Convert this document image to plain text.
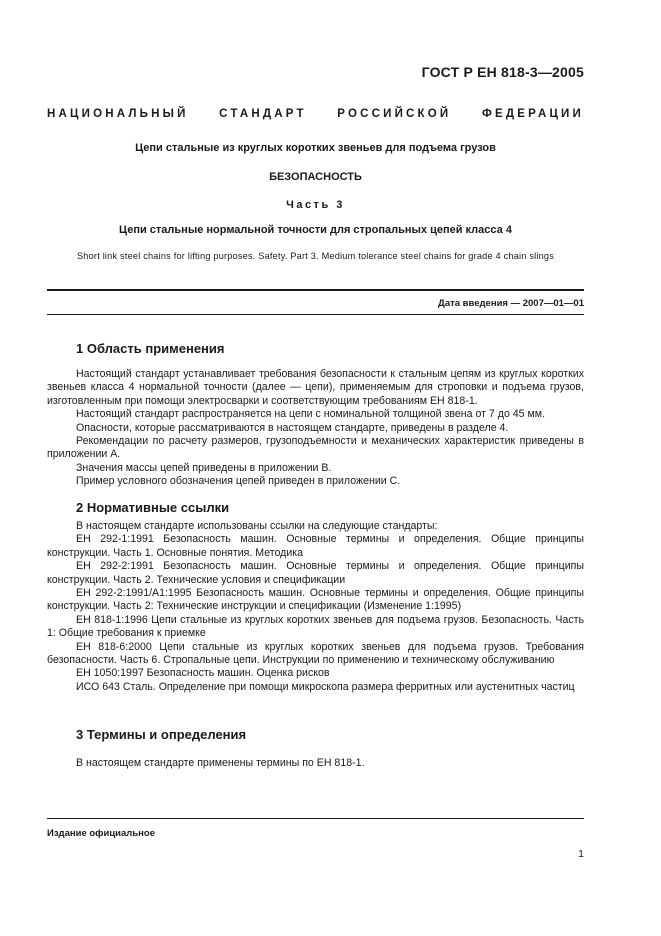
ГОСТ Р ЕН 818-3—2005
НАЦИОНАЛЬНЫЙ СТАНДАРТ РОССИЙСКОЙ ФЕДЕРАЦИИ
Цепи стальные из круглых коротких звеньев для подъема грузов
БЕЗОПАСНОСТЬ
Часть 3
Цепи стальные нормальной точности для стропальных цепей класса 4
Short link steel chains for lifting purposes. Safety. Part 3. Medium tolerance steel chains for grade 4 chain slings
Дата введения — 2007—01—01
1 Область применения

Настоящий стандарт устанавливает требования безопасности к стальным цепям из круглых коротких звеньев класса 4 нормальной точности (далее — цепи), применяемым для строповки и подъема грузов, изготовленным при помощи электросварки и соответствующим требованиям ЕН 818-1.

Настоящий стандарт распространяется на цепи с номинальной толщиной звена от 7 до 45 мм.

Опасности, которые рассматриваются в настоящем стандарте, приведены в разделе 4.

Рекомендации по расчету размеров, грузоподъемности и механических характеристик приведены в приложении А.

Значения массы цепей приведены в приложении В.

Пример условного обозначения цепей приведен в приложении С.

2 Нормативные ссылки

В настоящем стандарте использованы ссылки на следующие стандарты:

ЕН 292-1:1991 Безопасность машин. Основные термины и определения. Общие принципы конструкции. Часть 1. Основные понятия. Методика

ЕН 292-2:1991 Безопасность машин. Основные термины и определения. Общие принципы конструкции. Часть 2. Технические условия и спецификации

ЕН 292-2:1991/А1:1995 Безопасность машин. Основные термины и определения. Общие принципы конструкции. Часть 2: Технические инструкции и спецификации (Изменение 1:1995)

ЕН 818-1:1996 Цепи стальные из круглых коротких звеньев для подъема грузов. Безопасность. Часть 1: Общие требования к приемке

ЕН 818-6:2000 Цепи стальные из круглых коротких звеньев для подъема грузов. Требования безопасности. Часть 6. Стропальные цепи. Инструкции по применению и техническому обслуживанию

ЕН 1050:1997 Безопасность машин. Оценка рисков

ИСО 643 Сталь. Определение при помощи микроскопа размера ферритных или аустенитных частиц

3 Термины и определения

В настоящем стандарте применены термины по ЕН 818-1.

Издание официальное
1
